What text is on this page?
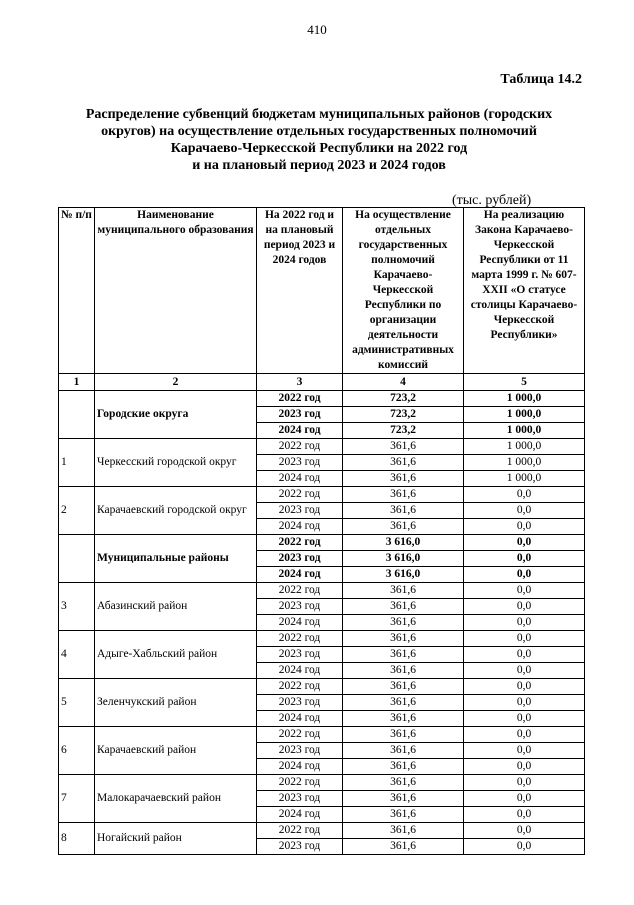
410
Таблица 14.2
Распределение субвенций бюджетам муниципальных районов (городских
округов) на осуществление отдельных государственных полномочий
Карачаево-Черкесской Республики на 2022 год
и на плановый период 2023 и 2024 годов
(тыс. рублей)
№ п/п	Наименование муниципального образования	На 2022 год и на плановый период 2023 и 2024 годов	На осуществление отдельных государственных полномочий Карачаево-Черкесской Республики по организации деятельности административных комиссий	На реализацию Закона Карачаево-Черкесской Республики от 11 марта 1999 г. № 607-XXII «О статусе столицы Карачаево-Черкесской Республики»
1	2	3	4	5
	Городские округа	2022 год	723,2	1 000,0
		2023 год	723,2	1 000,0
		2024 год	723,2	1 000,0
1	Черкесский городской округ	2022 год	361,6	1 000,0
		2023 год	361,6	1 000,0
		2024 год	361,6	1 000,0
2	Карачаевский городской округ	2022 год	361,6	0,0
		2023 год	361,6	0,0
		2024 год	361,6	0,0
	Муниципальные районы	2022 год	3 616,0	0,0
		2023 год	3 616,0	0,0
		2024 год	3 616,0	0,0
3	Абазинский район	2022 год	361,6	0,0
		2023 год	361,6	0,0
		2024 год	361,6	0,0
4	Адыге-Хабльский район	2022 год	361,6	0,0
		2023 год	361,6	0,0
		2024 год	361,6	0,0
5	Зеленчукский район	2022 год	361,6	0,0
		2023 год	361,6	0,0
		2024 год	361,6	0,0
6	Карачаевский район	2022 год	361,6	0,0
		2023 год	361,6	0,0
		2024 год	361,6	0,0
7	Малокарачаевский район	2022 год	361,6	0,0
		2023 год	361,6	0,0
		2024 год	361,6	0,0
8	Ногайский район	2022 год	361,6	0,0
		2023 год	361,6	0,0
